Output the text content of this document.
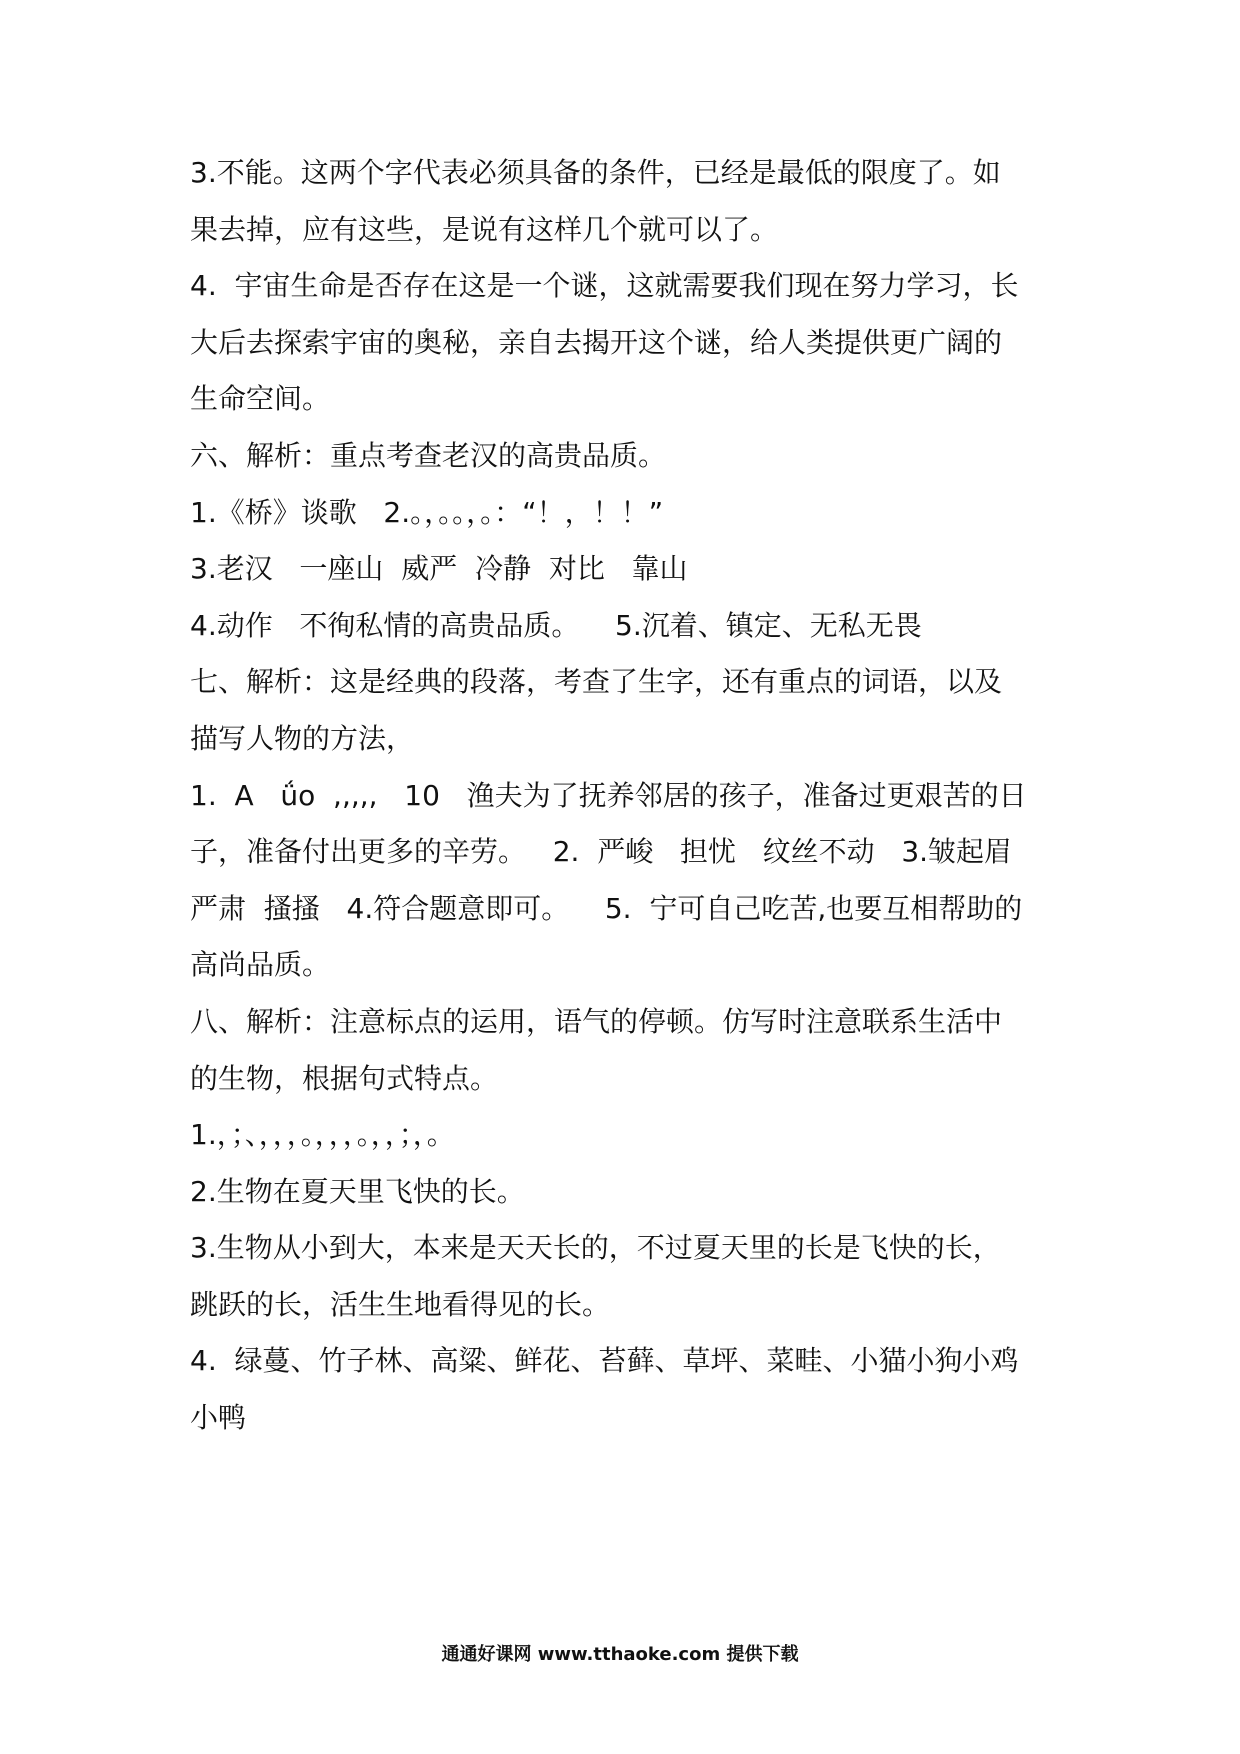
3.不能。这两个字代表必须具备的条件，已经是最低的限度了。如
果去掉，应有这些，是说有这样几个就可以了。
4.  宇宙生命是否存在这是一个谜，这就需要我们现在努力学习，长
大后去探索宇宙的奥秘，亲自去揭开这个谜，给人类提供更广阔的
生命空间。
六、解析：重点考查老汉的高贵品质。
1.《桥》谈歌   2.。，。。，。：“！，！！”
3.老汉   一座山  威严  冷静  对比   靠山
4.动作   不徇私情的高贵品质。    5.沉着、镇定、无私无畏
七、解析：这是经典的段落，考查了生字，还有重点的词语，以及
描写人物的方法，
1.  A   ǘo  ,,,,,   10   渔夫为了抚养邻居的孩子，准备过更艰苦的日
子，准备付出更多的辛劳。   2.  严峻   担忧   纹丝不动   3.皱起眉
严肃  搔搔   4.符合题意即可。    5.  宁可自己吃苦,也要互相帮助的
高尚品质。
八、解析：注意标点的运用，语气的停顿。仿写时注意联系生活中
的生物，根据句式特点。
1.，；、，，，。，，，。，，；，。
2.生物在夏天里飞快的长。
3.生物从小到大，本来是天天长的，不过夏天里的长是飞快的长，
跳跃的长，活生生地看得见的长。
4.  绿蔓、竹子林、高粱、鲜花、苔藓、草坪、菜畦、小猫小狗小鸡
小鸭
通通好课网 www.tthaoke.com 提供下载
